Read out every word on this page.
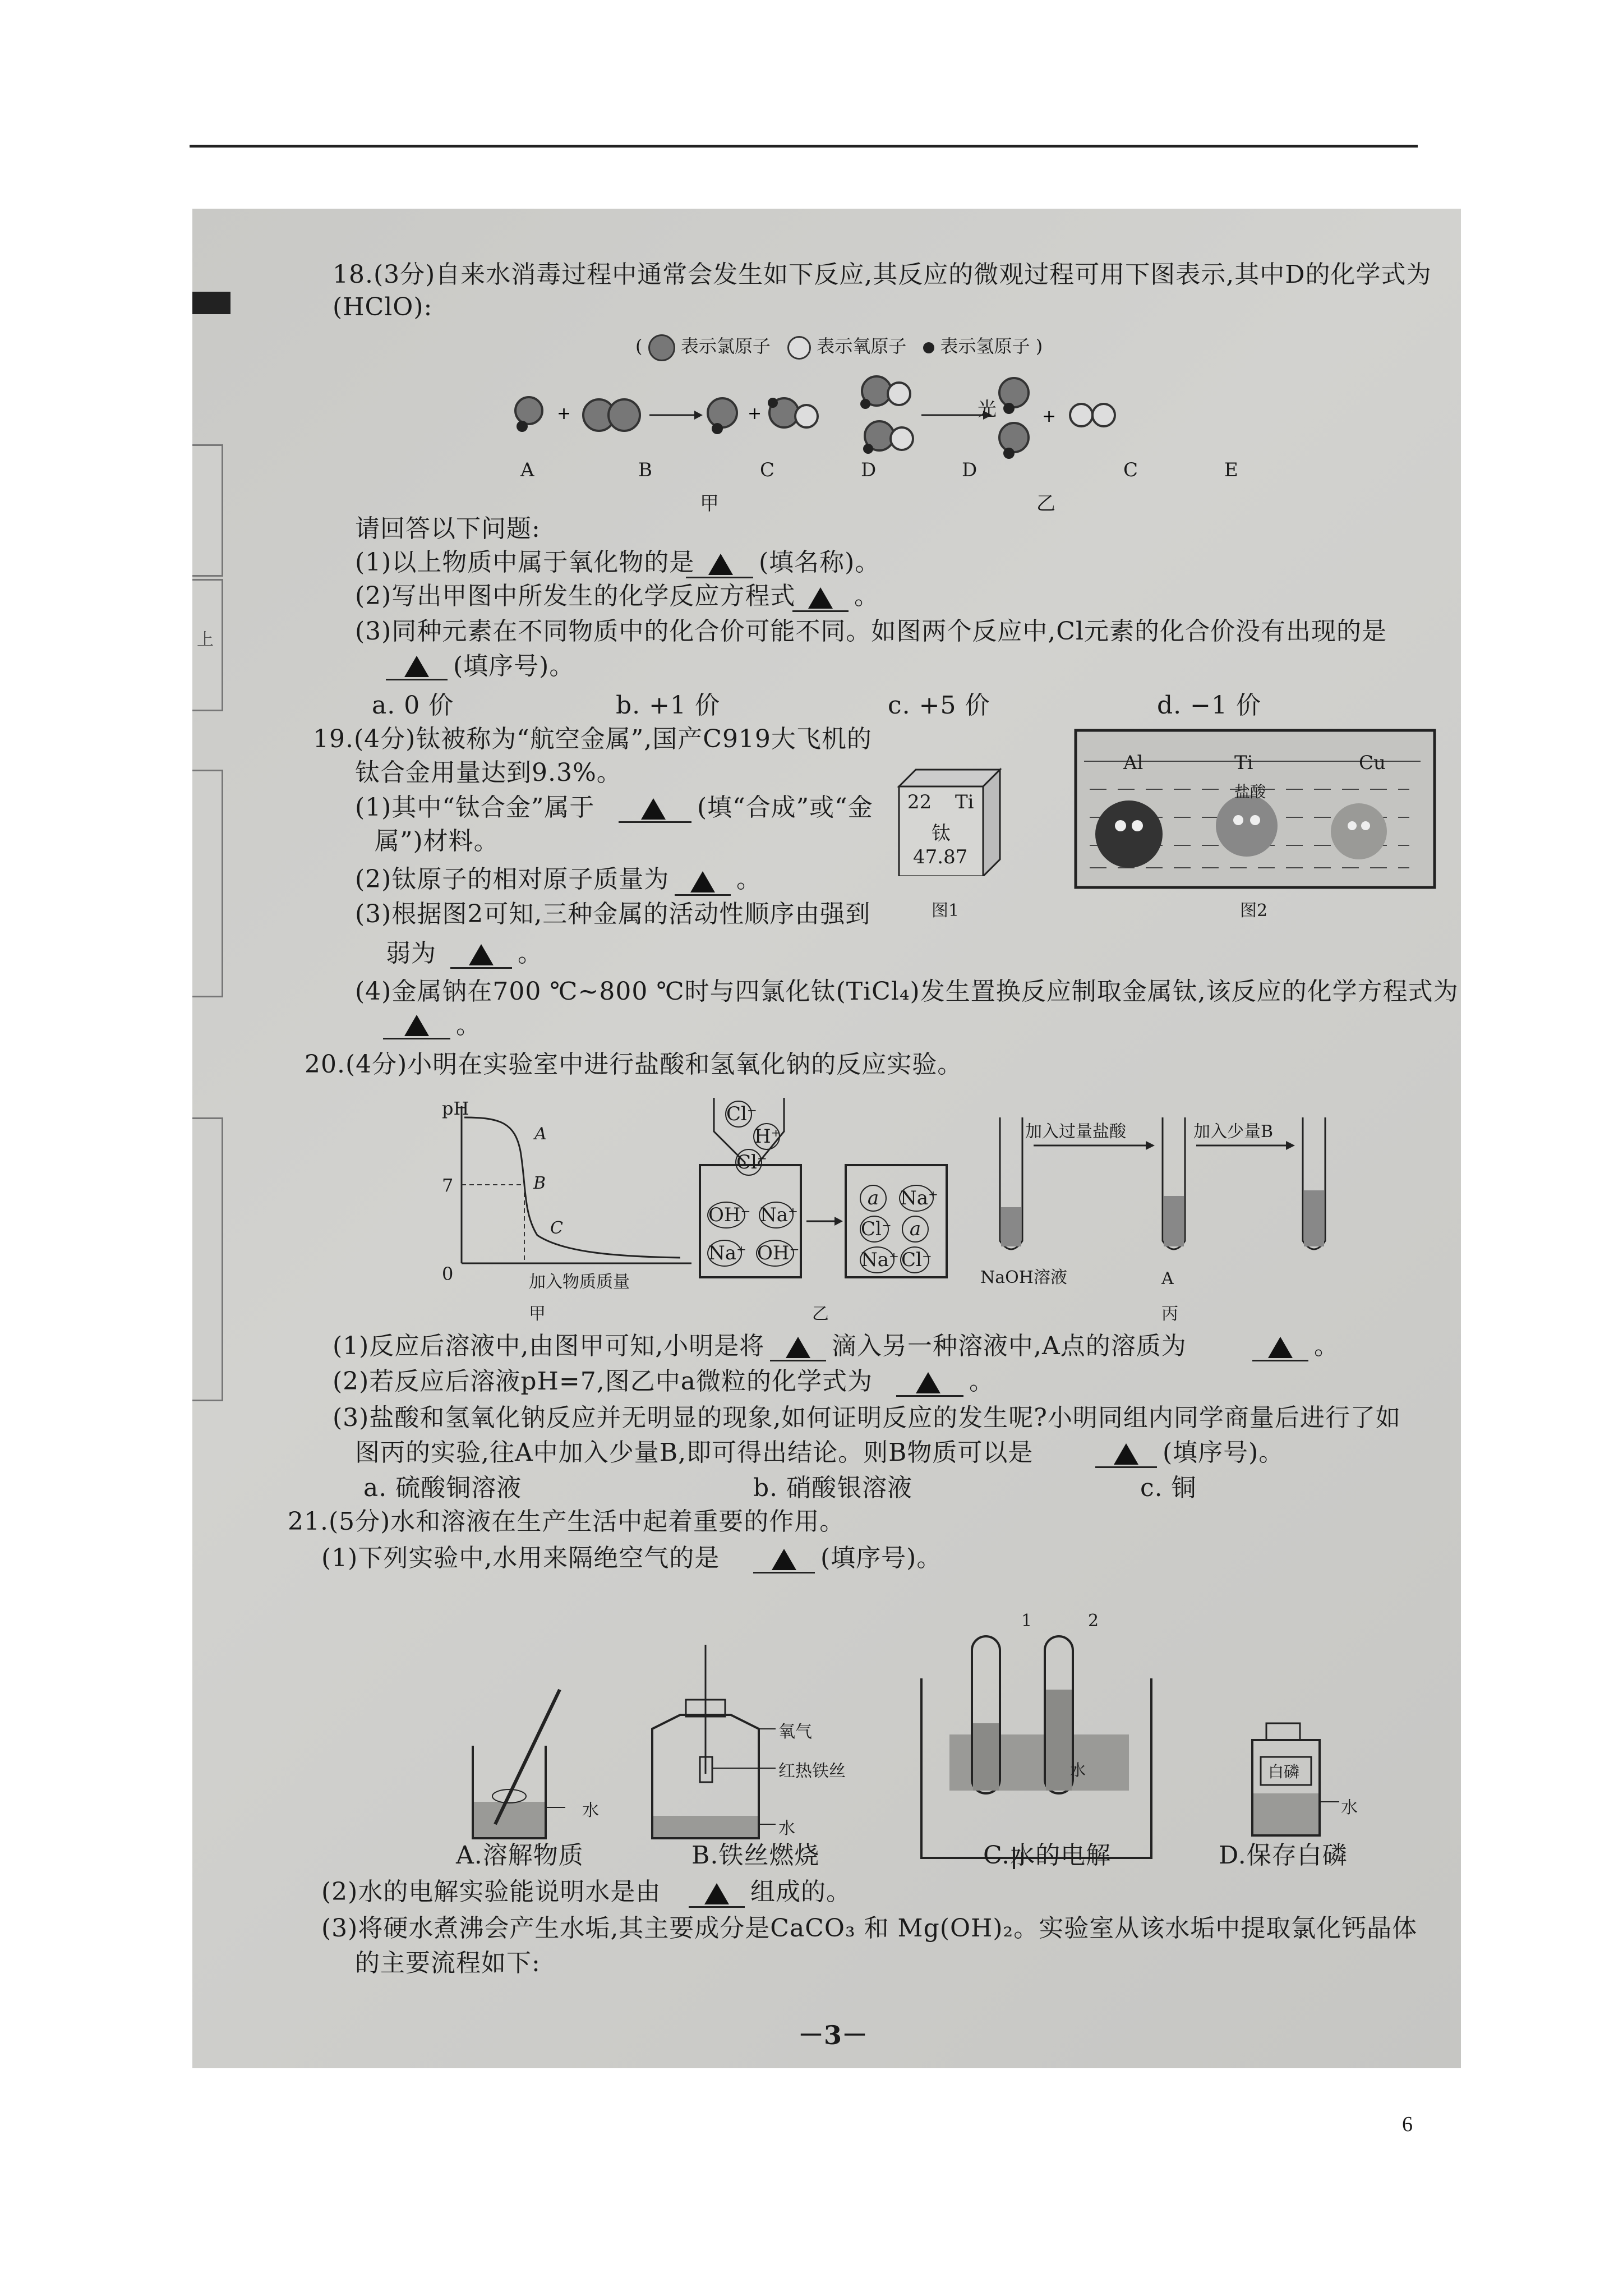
上
18.(3分)自来水消毒过程中通常会发生如下反应,其反应的微观过程可用下图表示,其中D的化学式为
(HClO):
( 表示氯原子	表示氧原子 表示氢原子 )
+	+	+
光
A	B	C	D	D	C	E
甲	乙
请回答以下问题:
(1)以上物质中属于氧化物的是	(填名称)。
(2)写出甲图中所发生的化学反应方程式 。
(3)同种元素在不同物质中的化合价可能不同。如图两个反应中,Cl元素的化合价没有出现的是
(填序号)。
a. 0 价	b. +1 价	c. +5 价	d. −1 价
19.(4分)钛被称为“航空金属”,国产C919大飞机的
钛合金用量达到9.3%。
(1)其中“钛合金”属于	(填“合成”或“金
属”)材料。
(2)钛原子的相对原子质量为	。
(3)根据图2可知,三种金属的活动性顺序由强到
弱为	。
(4)金属钠在700 ℃~800 ℃时与四氯化钛(TiCl₄)发生置换反应制取金属钛,该反应的化学方程式为
。
22 Ti
钛
47.87
图1
Al	Ti	Cu
盐酸
图2
20.(4分)小明在实验室中进行盐酸和氢氧化钠的反应实验。
pH
7
0
A
B
C
加入物质质量
甲
Cl⁻
H⁺
Cl⁻
OH⁻ Na⁺
Na⁺ OH⁻
a	Na⁺
Cl⁻ a
Na⁺ Cl⁻
乙
加入过量盐酸	加入少量B
NaOH溶液	A
丙
(1)反应后溶液中,由图甲可知,小明是将	滴入另一种溶液中,A点的溶质为	。
(2)若反应后溶液pH=7,图乙中a微粒的化学式为	。
(3)盐酸和氢氧化钠反应并无明显的现象,如何证明反应的发生呢?小明同组内同学商量后进行了如
图丙的实验,往A中加入少量B,即可得出结论。则B物质可以是	(填序号)。
a. 硫酸铜溶液	b. 硝酸银溶液	c. 铜
21.(5分)水和溶液在生产生活中起着重要的作用。
(1)下列实验中,水用来隔绝空气的是	(填序号)。
水
氧气
红热铁丝
水
1	2
水	白磷
水
A.溶解物质	B.铁丝燃烧	C.水的电解	D.保存白磷
(2)水的电解实验能说明水是由	组成的。
(3)将硬水煮沸会产生水垢,其主要成分是CaCO₃ 和 Mg(OH)₂。实验室从该水垢中提取氯化钙晶体
的主要流程如下:
－3－
6
